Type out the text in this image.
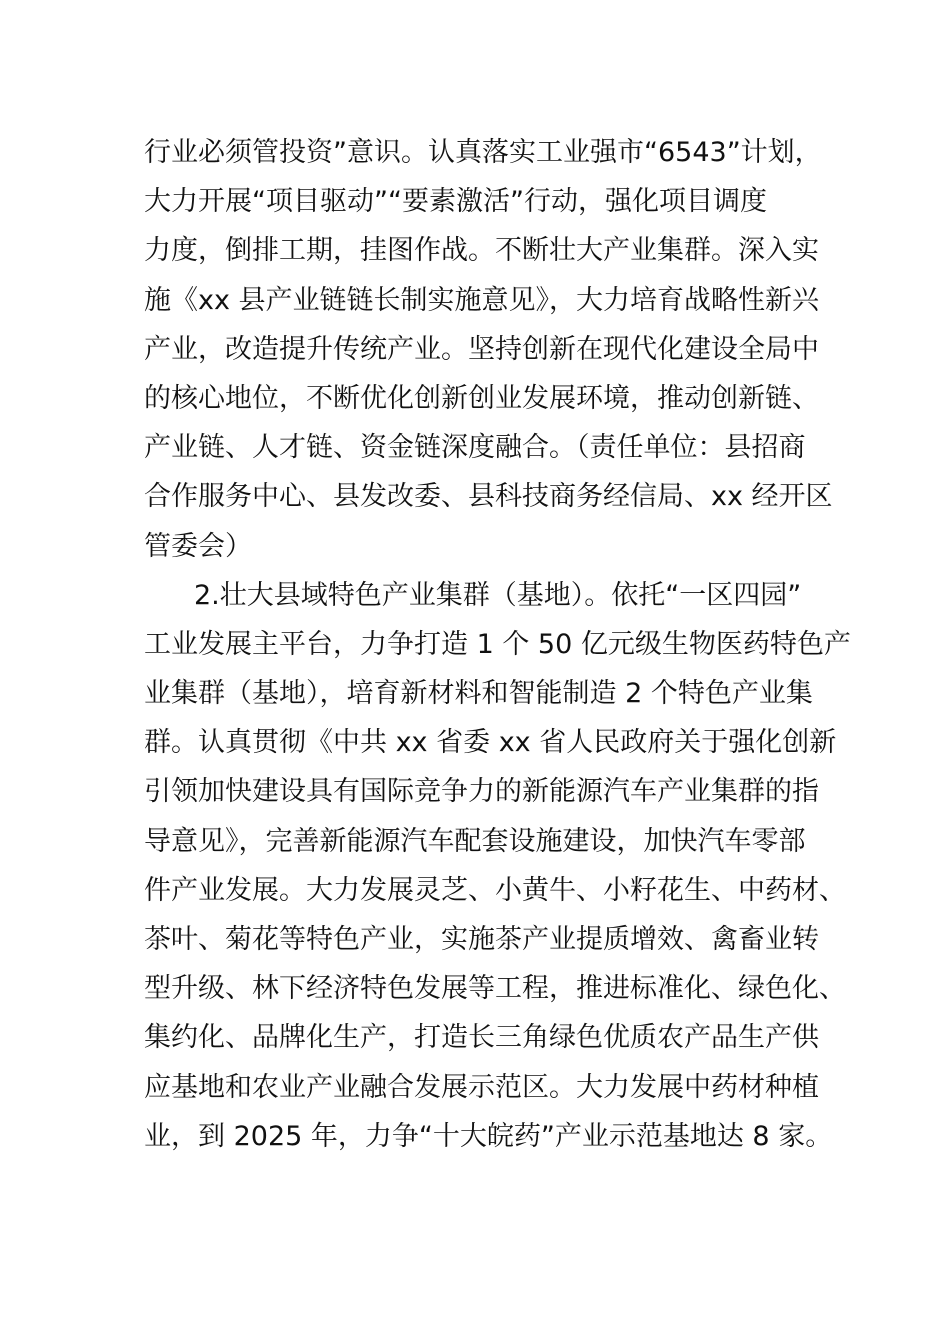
行业必须管投资”意识。认真落实工业强市“6543”计划，
大力开展“项目驱动”“要素激活”行动，强化项目调度
力度，倒排工期，挂图作战。不断壮大产业集群。深入实
施《xx 县产业链链长制实施意见》，大力培育战略性新兴
产业，改造提升传统产业。坚持创新在现代化建设全局中
的核心地位，不断优化创新创业发展环境，推动创新链、
产业链、人才链、资金链深度融合。（责任单位：县招商
合作服务中心、县发改委、县科技商务经信局、xx 经开区
管委会）
2.壮大县域特色产业集群（基地）。依托“一区四园”
工业发展主平台，力争打造 1 个 50 亿元级生物医药特色产
业集群（基地），培育新材料和智能制造 2 个特色产业集
群。认真贯彻《中共 xx 省委 xx 省人民政府关于强化创新
引领加快建设具有国际竞争力的新能源汽车产业集群的指
导意见》，完善新能源汽车配套设施建设，加快汽车零部
件产业发展。大力发展灵芝、小黄牛、小籽花生、中药材、
茶叶、菊花等特色产业，实施茶产业提质增效、禽畜业转
型升级、林下经济特色发展等工程，推进标准化、绿色化、
集约化、品牌化生产，打造长三角绿色优质农产品生产供
应基地和农业产业融合发展示范区。大力发展中药材种植
业，到 2025 年，力争“十大皖药”产业示范基地达 8 家。
